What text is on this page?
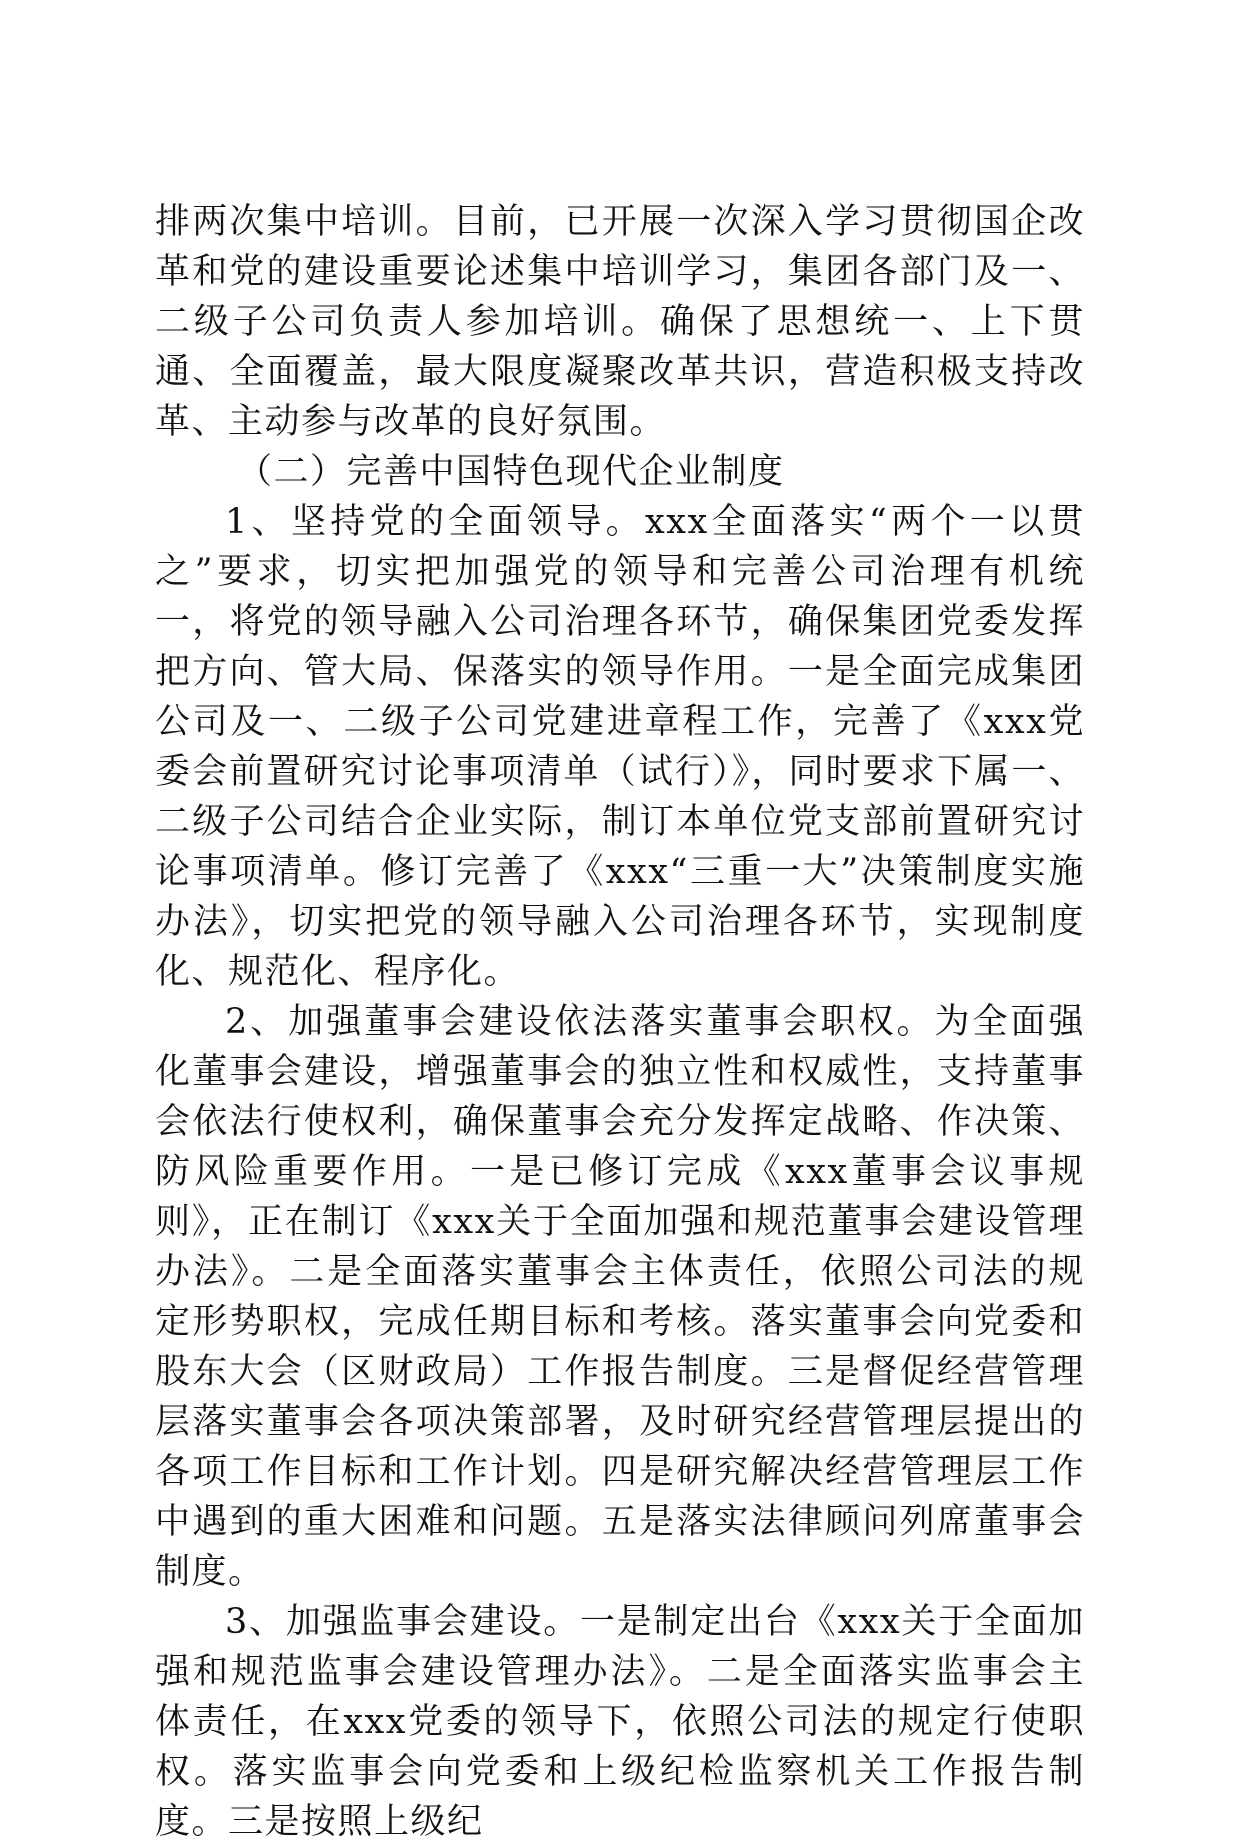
排两次集中培训。目前，已开展一次深入学习贯彻国企改革和党的建设重要论述集中培训学习，集团各部门及一、二级子公司负责人参加培训。确保了思想统一、上下贯通、全面覆盖，最大限度凝聚改革共识，营造积极支持改革、主动参与改革的良好氛围。

（二）完善中国特色现代企业制度

1、坚持党的全面领导。xxx全面落实“两个一以贯之”要求，切实把加强党的领导和完善公司治理有机统一，将党的领导融入公司治理各环节，确保集团党委发挥把方向、管大局、保落实的领导作用。一是全面完成集团公司及一、二级子公司党建进章程工作，完善了《xxx党委会前置研究讨论事项清单（试行）》，同时要求下属一、二级子公司结合企业实际，制订本单位党支部前置研究讨论事项清单。修订完善了《xxx“三重一大”决策制度实施办法》，切实把党的领导融入公司治理各环节，实现制度化、规范化、程序化。

2、加强董事会建设依法落实董事会职权。为全面强化董事会建设，增强董事会的独立性和权威性，支持董事会依法行使权利，确保董事会充分发挥定战略、作决策、防风险重要作用。一是已修订完成《xxx董事会议事规则》，正在制订《xxx关于全面加强和规范董事会建设管理办法》。二是全面落实董事会主体责任，依照公司法的规定形势职权，完成任期目标和考核。落实董事会向党委和股东大会（区财政局）工作报告制度。三是督促经营管理层落实董事会各项决策部署，及时研究经营管理层提出的各项工作目标和工作计划。四是研究解决经营管理层工作中遇到的重大困难和问题。五是落实法律顾问列席董事会制度。

3、加强监事会建设。一是制定出台《xxx关于全面加强和规范监事会建设管理办法》。二是全面落实监事会主体责任，在xxx党委的领导下，依照公司法的规定行使职权。落实监事会向党委和上级纪检监察机关工作报告制度。三是按照上级纪
